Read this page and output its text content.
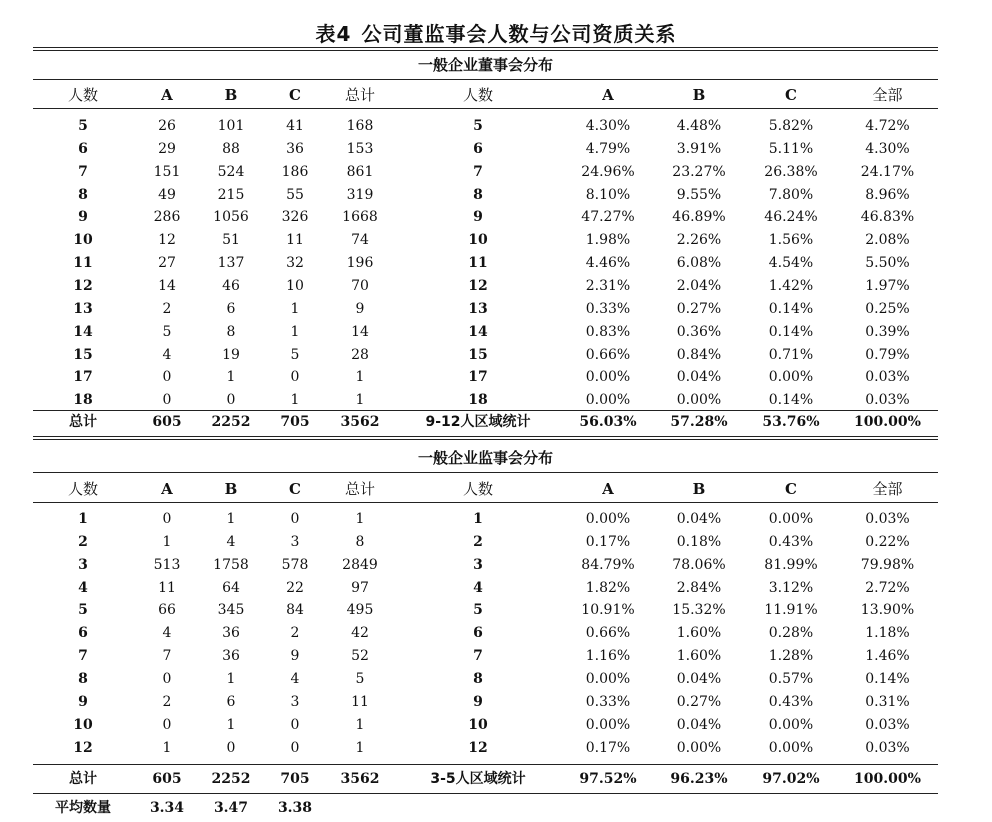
表4 公司董监事会人数与公司资质关系
一般企业董事会分布
人数	A	B	C	总计	人数	A	B	C	全部
5	26	101	41	168	5	4.30%	4.48%	5.82%	4.72%
6	29	88	36	153	6	4.79%	3.91%	5.11%	4.30%
7	151	524	186	861	7	24.96%	23.27%	26.38%	24.17%
8	49	215	55	319	8	8.10%	9.55%	7.80%	8.96%
9	286	1056	326	1668	9	47.27%	46.89%	46.24%	46.83%
10	12	51	11	74	10	1.98%	2.26%	1.56%	2.08%
11	27	137	32	196	11	4.46%	6.08%	4.54%	5.50%
12	14	46	10	70	12	2.31%	2.04%	1.42%	1.97%
13	2	6	1	9	13	0.33%	0.27%	0.14%	0.25%
14	5	8	1	14	14	0.83%	0.36%	0.14%	0.39%
15	4	19	5	28	15	0.66%	0.84%	0.71%	0.79%
17	0	1	0	1	17	0.00%	0.04%	0.00%	0.03%
18	0	0	1	1	18	0.00%	0.00%	0.14%	0.03%
总计	605	2252	705	3562	9-12人区域统计	56.03%	57.28%	53.76%	100.00%
一般企业监事会分布
人数	A	B	C	总计	人数	A	B	C	全部
1	0	1	0	1	1	0.00%	0.04%	0.00%	0.03%
2	1	4	3	8	2	0.17%	0.18%	0.43%	0.22%
3	513	1758	578	2849	3	84.79%	78.06%	81.99%	79.98%
4	11	64	22	97	4	1.82%	2.84%	3.12%	2.72%
5	66	345	84	495	5	10.91%	15.32%	11.91%	13.90%
6	4	36	2	42	6	0.66%	1.60%	0.28%	1.18%
7	7	36	9	52	7	1.16%	1.60%	1.28%	1.46%
8	0	1	4	5	8	0.00%	0.04%	0.57%	0.14%
9	2	6	3	11	9	0.33%	0.27%	0.43%	0.31%
10	0	1	0	1	10	0.00%	0.04%	0.00%	0.03%
12	1	0	0	1	12	0.17%	0.00%	0.00%	0.03%
总计	605	2252	705	3562	3-5人区域统计	97.52%	96.23%	97.02%	100.00%
平均数量	3.34	3.47	3.38
